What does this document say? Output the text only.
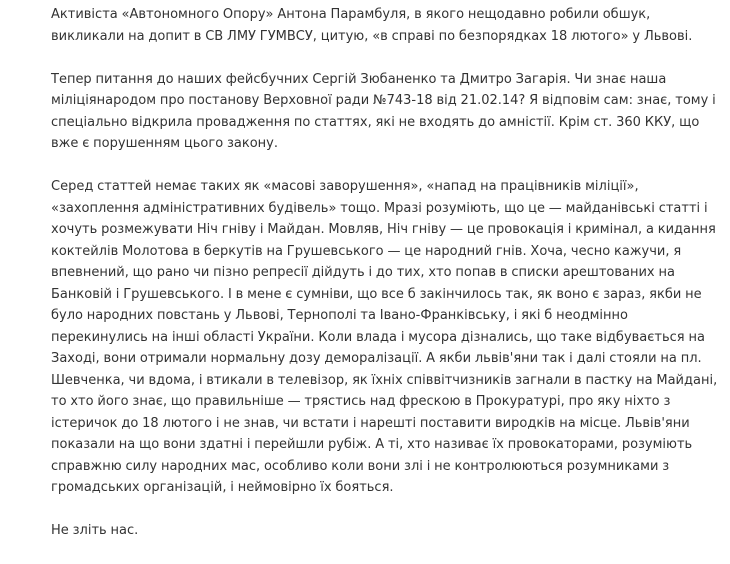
Активіста «Автономного Опору» Антона Парамбуля, в якого нещодавно робили обшук, викликали на допит в СВ ЛМУ ГУМВСУ, цитую, «в справі по безпорядках 18 лютого» у Львові.

Тепер питання до наших фейсбучних Сергій Зюбаненко та Дмитро Загарія. Чи знає наша міліціянародом про постанову Верховної ради №743-18 від 21.02.14? Я відповім сам: знає, тому і спеціально відкрила провадження по статтях, які не входять до амністії. Крім ст. 360 ККУ, що вже є порушенням цього закону.

Серед статтей немає таких як «масові заворушення», «напад на працівників міліції», «захоплення адміністративних будівель» тощо. Мразі розуміють, що це — майданівські статті і хочуть розмежувати Ніч гніву і Майдан. Мовляв, Ніч гніву — це провокація і кримінал, а кидання коктейлів Молотова в беркутів на Грушевського — це народний гнів. Хоча, чесно кажучи, я впевнений, що рано чи пізно репресії дійдуть і до тих, хто попав в списки арештованих на Банковій і Грушевського. І в мене є сумніви, що все б закінчилось так, як воно є зараз, якби не було народних повстань у Львові, Тернополі та Івано-Франківську, і які б неодмінно перекинулись на інші області України. Коли влада і мусора дізнались, що таке відбувається на Заході, вони отримали нормальну дозу деморалізації. А якби львів'яни так і далі стояли на пл. Шевченка, чи вдома, і втикали в телевізор, як їхніх співвітчизників загнали в пастку на Майдані, то хто його знає, що правильніше — трястись над фрескою в Прокуратурі, про яку ніхто з істеричок до 18 лютого і не знав, чи встати і нарешті поставити виродків на місце. Львів'яни показали на що вони здатні і перейшли рубіж. А ті, хто називає їх провокаторами, розуміють справжню силу народних мас, особливо коли вони злі і не контролюються розумниками з громадських організацій, і неймовірно їх бояться.

Не зліть нас.
